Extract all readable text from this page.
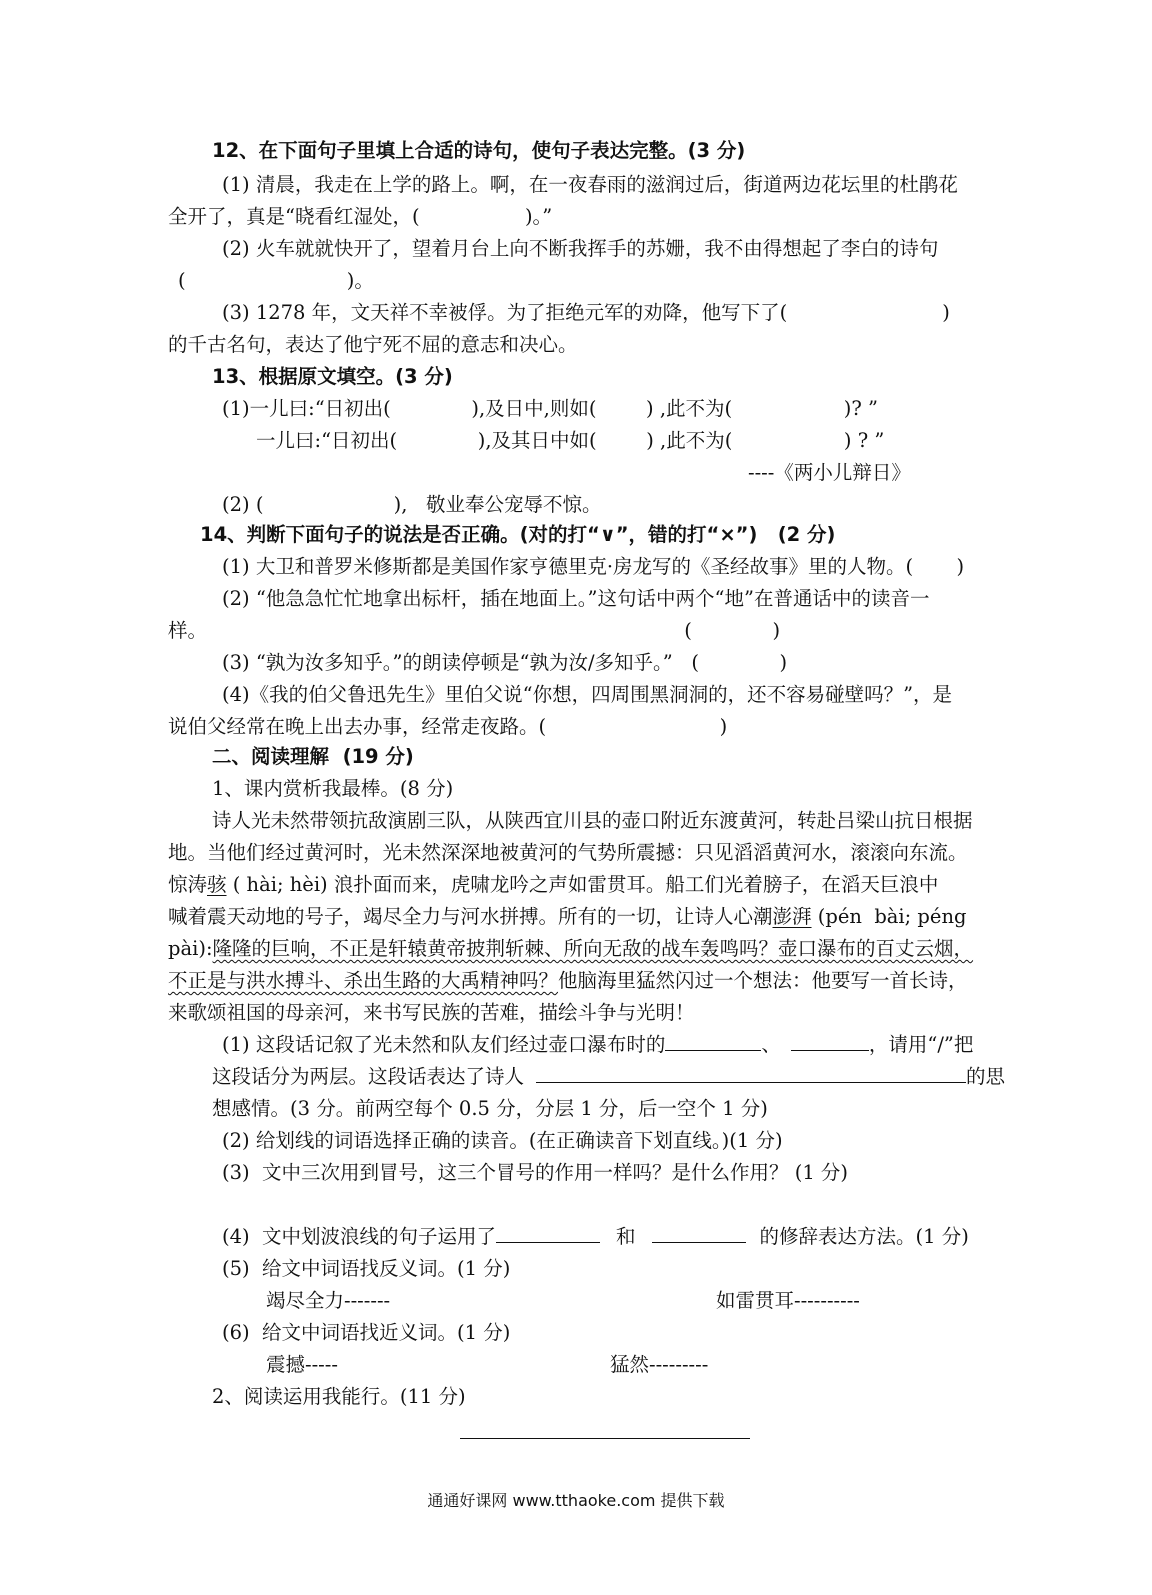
12、在下面句子里填上合适的诗句，使句子表达完整。(3 分)
(1) 清晨，我走在上学的路上。啊，在一夜春雨的滋润过后，街道两边花坛里的杜鹃花
全开了，真是“晓看红湿处，(                 )。”
(2) 火车就就快开了，望着月台上向不断我挥手的苏姗，我不由得想起了李白的诗句
(                          )。
(3) 1278 年，文天祥不幸被俘。为了拒绝元军的劝降，他写下了(                         )
的千古名句，表达了他宁死不屈的意志和决心。
13、根据原文填空。(3 分)
(1)一儿曰:“日初出(             ),及日中,则如(        ) ,此不为(                  )? ”
一儿曰:“日初出(             ),及其日中如(        ) ,此不为(                  ) ? ”
----《两小儿辩日》
(2) (                     ),   敬业奉公宠辱不惊。
14、判断下面句子的说法是否正确。(对的打“∨”，错的打“×”)   (2 分)
(1) 大卫和普罗米修斯都是美国作家亨德里克·房龙写的《圣经故事》里的人物。(       )
(2) “他急急忙忙地拿出标杆，插在地面上。”这句话中两个“地”在普通话中的读音一
样。                                                                             (             )
(3) “孰为汝多知乎。”的朗读停顿是“孰为汝/多知乎。”   (             )
(4)《我的伯父鲁迅先生》里伯父说“你想，四周围黑洞洞的，还不容易碰壁吗？”，是
说伯父经常在晚上出去办事，经常走夜路。(                            )
二、阅读理解  (19 分)
1、课内赏析我最棒。(8 分)
诗人光未然带领抗敌演剧三队，从陕西宜川县的壶口附近东渡黄河，转赴吕梁山抗日根据
地。当他们经过黄河时，光未然深深地被黄河的气势所震撼：只见滔滔黄河水，滚滚向东流。
惊涛骇 ( hài; hèi) 浪扑面而来，虎啸龙吟之声如雷贯耳。船工们光着膀子，在滔天巨浪中
喊着震天动地的号子，竭尽全力与河水拼搏。所有的一切，让诗人心潮澎湃 (pén  bài; péng
pài):隆隆的巨响，不正是轩辕黄帝披荆斩棘、所向无敌的战车轰鸣吗？壶口瀑布的百丈云烟，
不正是与洪水搏斗、杀出生路的大禹精神吗？他脑海里猛然闪过一个想法：他要写一首长诗，
来歌颂祖国的母亲河，来书写民族的苦难，描绘斗争与光明！
(1) 这段话记叙了光未然和队友们经过壶口瀑布时的	、	，请用“/”把
这段话分为两层。这段话表达了诗人	的思
想感情。(3 分。前两空每个 0.5 分，分层 1 分，后一空个 1 分)
(2) 给划线的词语选择正确的读音。(在正确读音下划直线。)(1 分)
(3)  文中三次用到冒号，这三个冒号的作用一样吗？是什么作用？ (1 分)
(4)  文中划波浪线的句子运用了	和	的修辞表达方法。(1 分)
(5)  给文中词语找反义词。(1 分)
竭尽全力-------	如雷贯耳----------
(6)  给文中词语找近义词。(1 分)
震撼-----	猛然---------
2、阅读运用我能行。(11 分)
通通好课网 www.tthaoke.com 提供下载
